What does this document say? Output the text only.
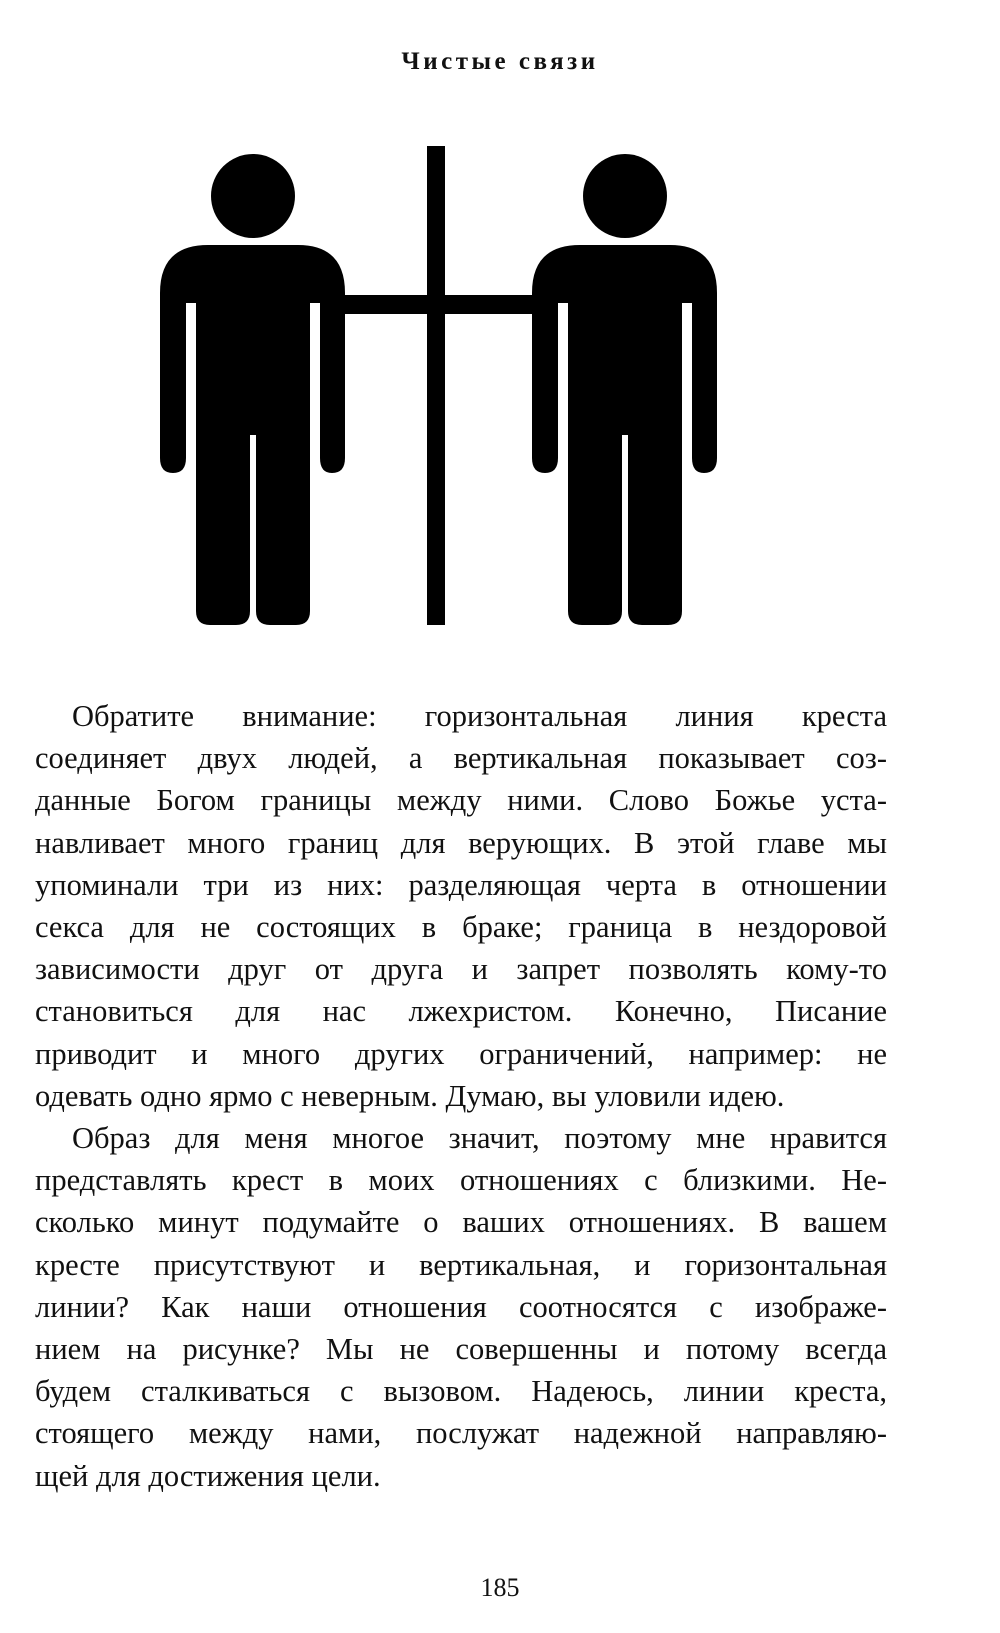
Чистые связи
Обратите внимание: горизонтальная линия креста
соединяет двух людей, а вертикальная показывает соз-
данные Богом границы между ними. Слово Божье уста-
навливает много границ для верующих. В этой главе мы
упоминали три из них: разделяющая черта в отношении
секса для не состоящих в браке; граница в нездоровой
зависимости друг от друга и запрет позволять кому-то
становиться для нас лжехристом. Конечно, Писание
приводит и много других ограничений, например: не
одевать одно ярмо с неверным. Думаю, вы уловили идею.
Образ для меня многое значит, поэтому мне нравится
представлять крест в моих отношениях с близкими. Не-
сколько минут подумайте о ваших отношениях. В вашем
кресте присутствуют и вертикальная, и горизонтальная
линии? Как наши отношения соотносятся с изображе-
нием на рисунке? Мы не совершенны и потому всегда
будем сталкиваться с вызовом. Надеюсь, линии креста,
стоящего между нами, послужат надежной направляю-
щей для достижения цели.
185
